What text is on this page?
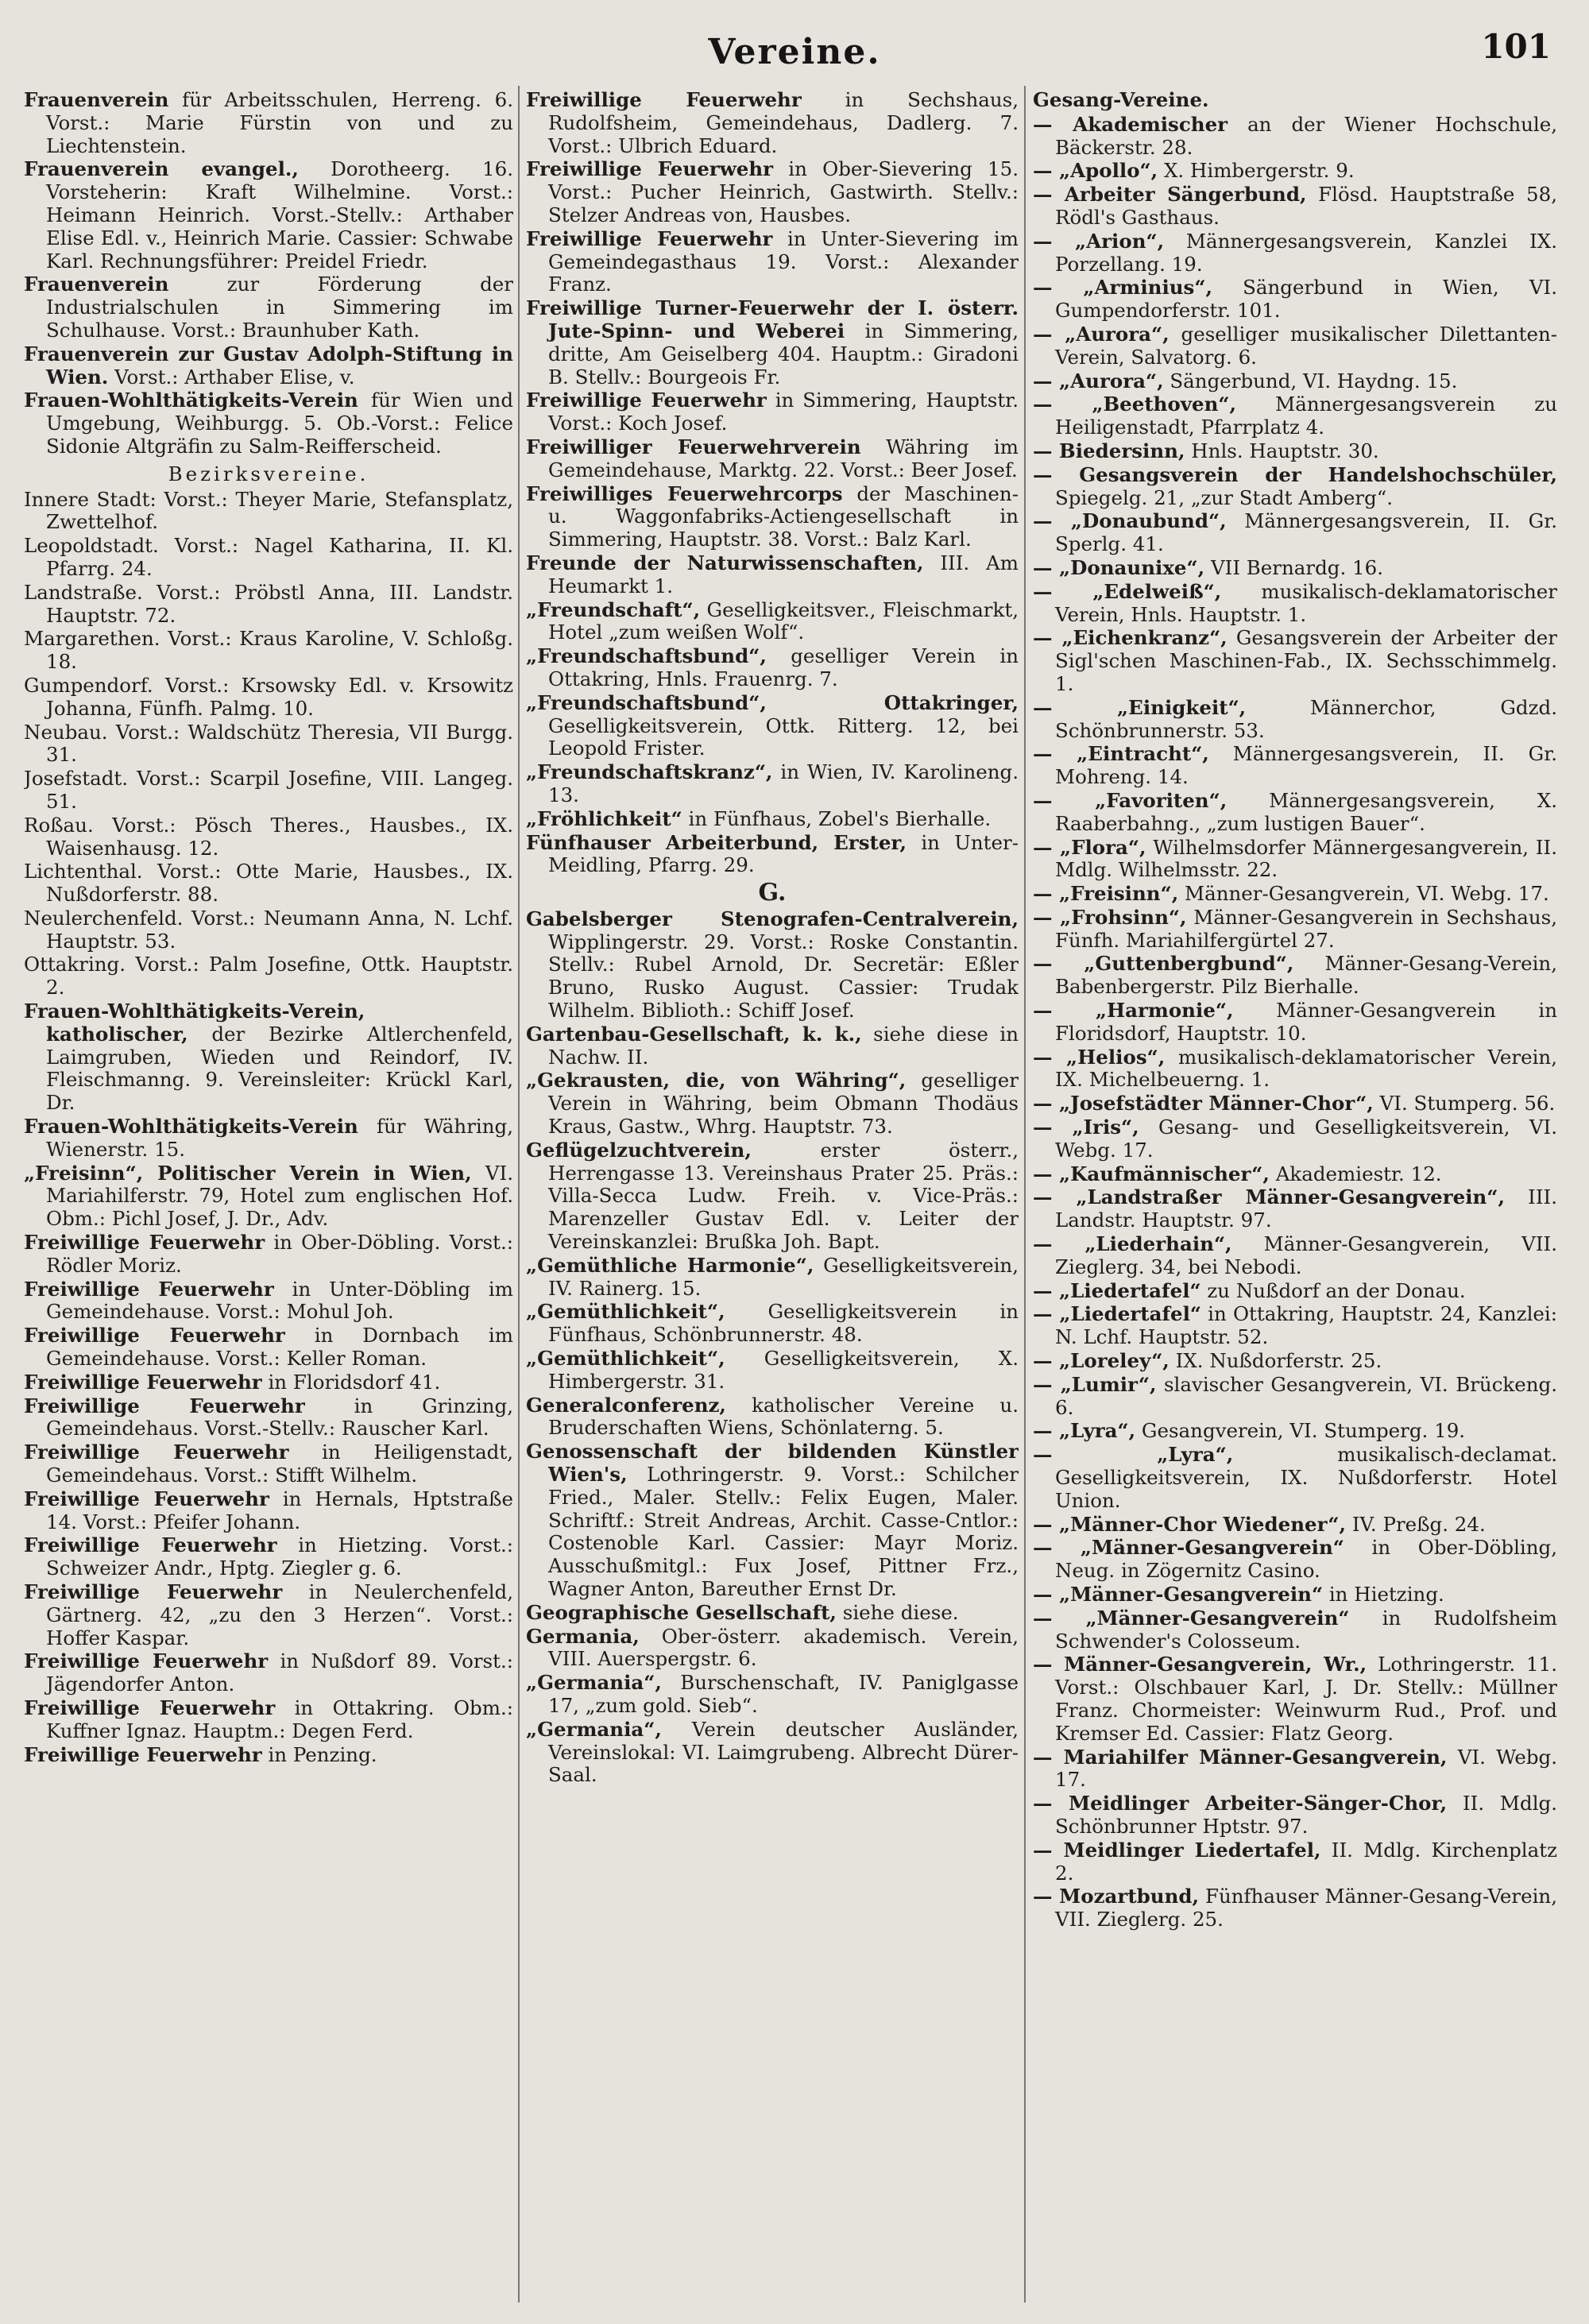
Vereine.	101
Frauenverein für Arbeitsschulen, Herreng. 6. Vorst.: Marie Fürstin von und zu Liechtenstein.
Frauenverein evangel., Dorotheerg. 16. Vorsteherin: Kraft Wilhelmine. Vorst.: Heimann Heinrich. Vorst.-Stellv.: Arthaber Elise Edl. v., Heinrich Marie. Cassier: Schwabe Karl. Rechnungsführer: Preidel Friedr.
Frauenverein zur Förderung der Industrialschulen in Simmering im Schulhause. Vorst.: Braunhuber Kath.
Frauenverein zur Gustav Adolph-Stiftung in Wien. Vorst.: Arthaber Elise, v.
Frauen-Wohlthätigkeits-Verein für Wien und Umgebung, Weihburgg. 5. Ob.-Vorst.: Felice Sidonie Altgräfin zu Salm-Reifferscheid.
Bezirksvereine.
Innere Stadt: Vorst.: Theyer Marie, Stefansplatz, Zwettelhof.
Leopoldstadt. Vorst.: Nagel Katharina, II. Kl. Pfarrg. 24.
Landstraße. Vorst.: Pröbstl Anna, III. Landstr. Hauptstr. 72.
Margarethen. Vorst.: Kraus Karoline, V. Schloßg. 18.
Gumpendorf. Vorst.: Krsowsky Edl. v. Krsowitz Johanna, Fünfh. Palmg. 10.
Neubau. Vorst.: Waldschütz Theresia, VII Burgg. 31.
Josefstadt. Vorst.: Scarpil Josefine, VIII. Langeg. 51.
Roßau. Vorst.: Pösch Theres., Hausbes., IX. Waisenhausg. 12.
Lichtenthal. Vorst.: Otte Marie, Hausbes., IX. Nußdorferstr. 88.
Neulerchenfeld. Vorst.: Neumann Anna, N. Lchf. Hauptstr. 53.
Ottakring. Vorst.: Palm Josefine, Ottk. Hauptstr. 2.
Frauen-Wohlthätigkeits-Verein, katholischer, der Bezirke Altlerchenfeld, Laimgruben, Wieden und Reindorf, IV. Fleischmanng. 9. Vereinsleiter: Krückl Karl, Dr.
Frauen-Wohlthätigkeits-Verein für Währing, Wienerstr. 15.
„Freisinn“, Politischer Verein in Wien, VI. Mariahilferstr. 79, Hotel zum englischen Hof. Obm.: Pichl Josef, J. Dr., Adv.
Freiwillige Feuerwehr in Ober-Döbling. Vorst.: Rödler Moriz.
Freiwillige Feuerwehr in Unter-Döbling im Gemeindehause. Vorst.: Mohul Joh.
Freiwillige Feuerwehr in Dornbach im Gemeindehause. Vorst.: Keller Roman.
Freiwillige Feuerwehr in Floridsdorf 41.
Freiwillige Feuerwehr in Grinzing, Gemeindehaus. Vorst.-Stellv.: Rauscher Karl.
Freiwillige Feuerwehr in Heiligenstadt, Gemeindehaus. Vorst.: Stifft Wilhelm.
Freiwillige Feuerwehr in Hernals, Hptstraße 14. Vorst.: Pfeifer Johann.
Freiwillige Feuerwehr in Hietzing. Vorst.: Schweizer Andr., Hptg. Ziegler g. 6.
Freiwillige Feuerwehr in Neulerchenfeld, Gärtnerg. 42, „zu den 3 Herzen“. Vorst.: Hoffer Kaspar.
Freiwillige Feuerwehr in Nußdorf 89. Vorst.: Jägendorfer Anton.
Freiwillige Feuerwehr in Ottakring. Obm.: Kuffner Ignaz. Hauptm.: Degen Ferd.
Freiwillige Feuerwehr in Penzing.
Freiwillige Feuerwehr in Sechshaus, Rudolfsheim, Gemeindehaus, Dadlerg. 7. Vorst.: Ulbrich Eduard.
Freiwillige Feuerwehr in Ober-Sievering 15. Vorst.: Pucher Heinrich, Gastwirth. Stellv.: Stelzer Andreas von, Hausbes.
Freiwillige Feuerwehr in Unter-Sievering im Gemeindegasthaus 19. Vorst.: Alexander Franz.
Freiwillige Turner-Feuerwehr der I. österr. Jute-Spinn- und Weberei in Simmering, dritte, Am Geiselberg 404. Hauptm.: Giradoni B. Stellv.: Bourgeois Fr.
Freiwillige Feuerwehr in Simmering, Hauptstr. Vorst.: Koch Josef.
Freiwilliger Feuerwehrverein Währing im Gemeindehause, Marktg. 22. Vorst.: Beer Josef.
Freiwilliges Feuerwehrcorps der Maschinen- u. Waggonfabriks-Actiengesellschaft in Simmering, Hauptstr. 38. Vorst.: Balz Karl.
Freunde der Naturwissenschaften, III. Am Heumarkt 1.
„Freundschaft“, Geselligkeitsver., Fleischmarkt, Hotel „zum weißen Wolf“.
„Freundschaftsbund“, geselliger Verein in Ottakring, Hnls. Frauenrg. 7.
„Freundschaftsbund“, Ottakringer, Geselligkeitsverein, Ottk. Ritterg. 12, bei Leopold Frister.
„Freundschaftskranz“, in Wien, IV. Karolineng. 13.
„Fröhlichkeit“ in Fünfhaus, Zobel's Bierhalle.
Fünfhauser Arbeiterbund, Erster, in Unter-Meidling, Pfarrg. 29.
G.
Gabelsberger Stenografen-Centralverein, Wipplingerstr. 29. Vorst.: Roske Constantin. Stellv.: Rubel Arnold, Dr. Secretär: Eßler Bruno, Rusko August. Cassier: Trudak Wilhelm. Biblioth.: Schiff Josef.
Gartenbau-Gesellschaft, k. k., siehe diese in Nachw. II.
„Gekrausten, die, von Währing“, geselliger Verein in Währing, beim Obmann Thodäus Kraus, Gastw., Whrg. Hauptstr. 73.
Geflügelzuchtverein, erster österr., Herrengasse 13. Vereinshaus Prater 25. Präs.: Villa-Secca Ludw. Freih. v. Vice-Präs.: Marenzeller Gustav Edl. v. Leiter der Vereinskanzlei: Brußka Joh. Bapt.
„Gemüthliche Harmonie“, Geselligkeitsverein, IV. Rainerg. 15.
„Gemüthlichkeit“, Geselligkeitsverein in Fünfhaus, Schönbrunnerstr. 48.
„Gemüthlichkeit“, Geselligkeitsverein, X. Himbergerstr. 31.
Generalconferenz, katholischer Vereine u. Bruderschaften Wiens, Schönlaterng. 5.
Genossenschaft der bildenden Künstler Wien's, Lothringerstr. 9. Vorst.: Schilcher Fried., Maler. Stellv.: Felix Eugen, Maler. Schriftf.: Streit Andreas, Archit. Casse-Cntlor.: Costenoble Karl. Cassier: Mayr Moriz. Ausschußmitgl.: Fux Josef, Pittner Frz., Wagner Anton, Bareuther Ernst Dr.
Geographische Gesellschaft, siehe diese.
Germania, Ober-österr. akademisch. Verein, VIII. Auerspergstr. 6.
„Germania“, Burschenschaft, IV. Paniglgasse 17, „zum gold. Sieb“.
„Germania“, Verein deutscher Ausländer, Vereinslokal: VI. Laimgrubeng. Albrecht Dürer-Saal.
Gesang-Vereine.
— Akademischer an der Wiener Hochschule, Bäckerstr. 28.
— „Apollo“, X. Himbergerstr. 9.
— Arbeiter Sängerbund, Flösd. Hauptstraße 58, Rödl's Gasthaus.
— „Arion“, Männergesangsverein, Kanzlei IX. Porzellang. 19.
— „Arminius“, Sängerbund in Wien, VI. Gumpendorferstr. 101.
— „Aurora“, geselliger musikalischer Dilettanten-Verein, Salvatorg. 6.
— „Aurora“, Sängerbund, VI. Haydng. 15.
— „Beethoven“, Männergesangsverein zu Heiligenstadt, Pfarrplatz 4.
— Biedersinn, Hnls. Hauptstr. 30.
— Gesangsverein der Handelshochschüler, Spiegelg. 21, „zur Stadt Amberg“.
— „Donaubund“, Männergesangsverein, II. Gr. Sperlg. 41.
— „Donaunixe“, VII Bernardg. 16.
— „Edelweiß“, musikalisch-deklamatorischer Verein, Hnls. Hauptstr. 1.
— „Eichenkranz“, Gesangsverein der Arbeiter der Sigl'schen Maschinen-Fab., IX. Sechsschimmelg. 1.
— „Einigkeit“, Männerchor, Gdzd. Schönbrunnerstr. 53.
— „Eintracht“, Männergesangsverein, II. Gr. Mohreng. 14.
— „Favoriten“, Männergesangsverein, X. Raaberbahng., „zum lustigen Bauer“.
— „Flora“, Wilhelmsdorfer Männergesangverein, II. Mdlg. Wilhelmsstr. 22.
— „Freisinn“, Männer-Gesangverein, VI. Webg. 17.
— „Frohsinn“, Männer-Gesangverein in Sechshaus, Fünfh. Mariahilfergürtel 27.
— „Guttenbergbund“, Männer-Gesang-Verein, Babenbergerstr. Pilz Bierhalle.
— „Harmonie“, Männer-Gesangverein in Floridsdorf, Hauptstr. 10.
— „Helios“, musikalisch-deklamatorischer Verein, IX. Michelbeuerng. 1.
— „Josefstädter Männer-Chor“, VI. Stumperg. 56.
— „Iris“, Gesang- und Geselligkeitsverein, VI. Webg. 17.
— „Kaufmännischer“, Akademiestr. 12.
— „Landstraßer Männer-Gesangverein“, III. Landstr. Hauptstr. 97.
— „Liederhain“, Männer-Gesangverein, VII. Zieglerg. 34, bei Nebodi.
— „Liedertafel“ zu Nußdorf an der Donau.
— „Liedertafel“ in Ottakring, Hauptstr. 24, Kanzlei: N. Lchf. Hauptstr. 52.
— „Loreley“, IX. Nußdorferstr. 25.
— „Lumir“, slavischer Gesangverein, VI. Brückeng. 6.
— „Lyra“, Gesangverein, VI. Stumperg. 19.
— „Lyra“, musikalisch-declamat. Geselligkeitsverein, IX. Nußdorferstr. Hotel Union.
— „Männer-Chor Wiedener“, IV. Preßg. 24.
— „Männer-Gesangverein“ in Ober-Döbling, Neug. in Zögernitz Casino.
— „Männer-Gesangverein“ in Hietzing.
— „Männer-Gesangverein“ in Rudolfsheim Schwender's Colosseum.
— Männer-Gesangverein, Wr., Lothringerstr. 11. Vorst.: Olschbauer Karl, J. Dr. Stellv.: Müllner Franz. Chormeister: Weinwurm Rud., Prof. und Kremser Ed. Cassier: Flatz Georg.
— Mariahilfer Männer-Gesangverein, VI. Webg. 17.
— Meidlinger Arbeiter-Sänger-Chor, II. Mdlg. Schönbrunner Hptstr. 97.
— Meidlinger Liedertafel, II. Mdlg. Kirchenplatz 2.
— Mozartbund, Fünfhauser Männer-Gesang-Verein, VII. Zieglerg. 25.
